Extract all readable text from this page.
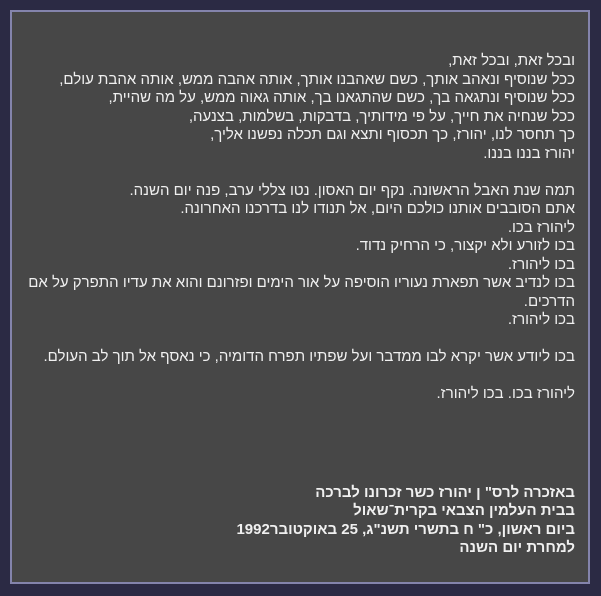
ובכל זאת, ובכל זאת,
ככל שנוסיף ונאהב אותך, כשם שאהבנו אותך, אותה אהבה ממש, אותה אהבת עולם,
ככל שנוסיף ונתגאה בך, כשם שהתגאנו בך, אותה גאוה ממש, על מה שהיית,
ככל שנחיה את חייך, על פי מידותיך, בדבקות, בשלמות, בצנעה,
כך תחסר לנו, יהורז, כך תכסוף ותצא וגם תכלה נפשנו אליך,
יהורז בננו בננו.
תמה שנת האבל הראשונה. נקף יום האסון. נטו צללי ערב, פנה יום השנה.
אתם הסובבים אותנו כולכם היום, אל תנודו לנו בדרכנו האחרונה.
ליהורז בכו.
בכו לזורע ולא יקצור, כי הרחיק נדוד.
בכו ליהורז.
בכו לנדיב אשר תפארת נעוריו הוסיפה על אור הימים ופזרונם והוא את עדיו התפרק על אם
הדרכים.
בכו ליהורז.
בכו ליודע אשר יקרא לבו ממדבר ועל שפתיו תפרח הדומיה, כי נאסף אל תוך לב העולם.
ליהורז בכו. בכו ליהורז.
באזכרה לרס" ן יהורז כשר זכרונו לברכה
בבית העלמין הצבאי בקרית־שאול
ביום ראשון, כ" ח בתשרי תשנ"ג, 25 באוקטובר1992
למחרת יום השנה
